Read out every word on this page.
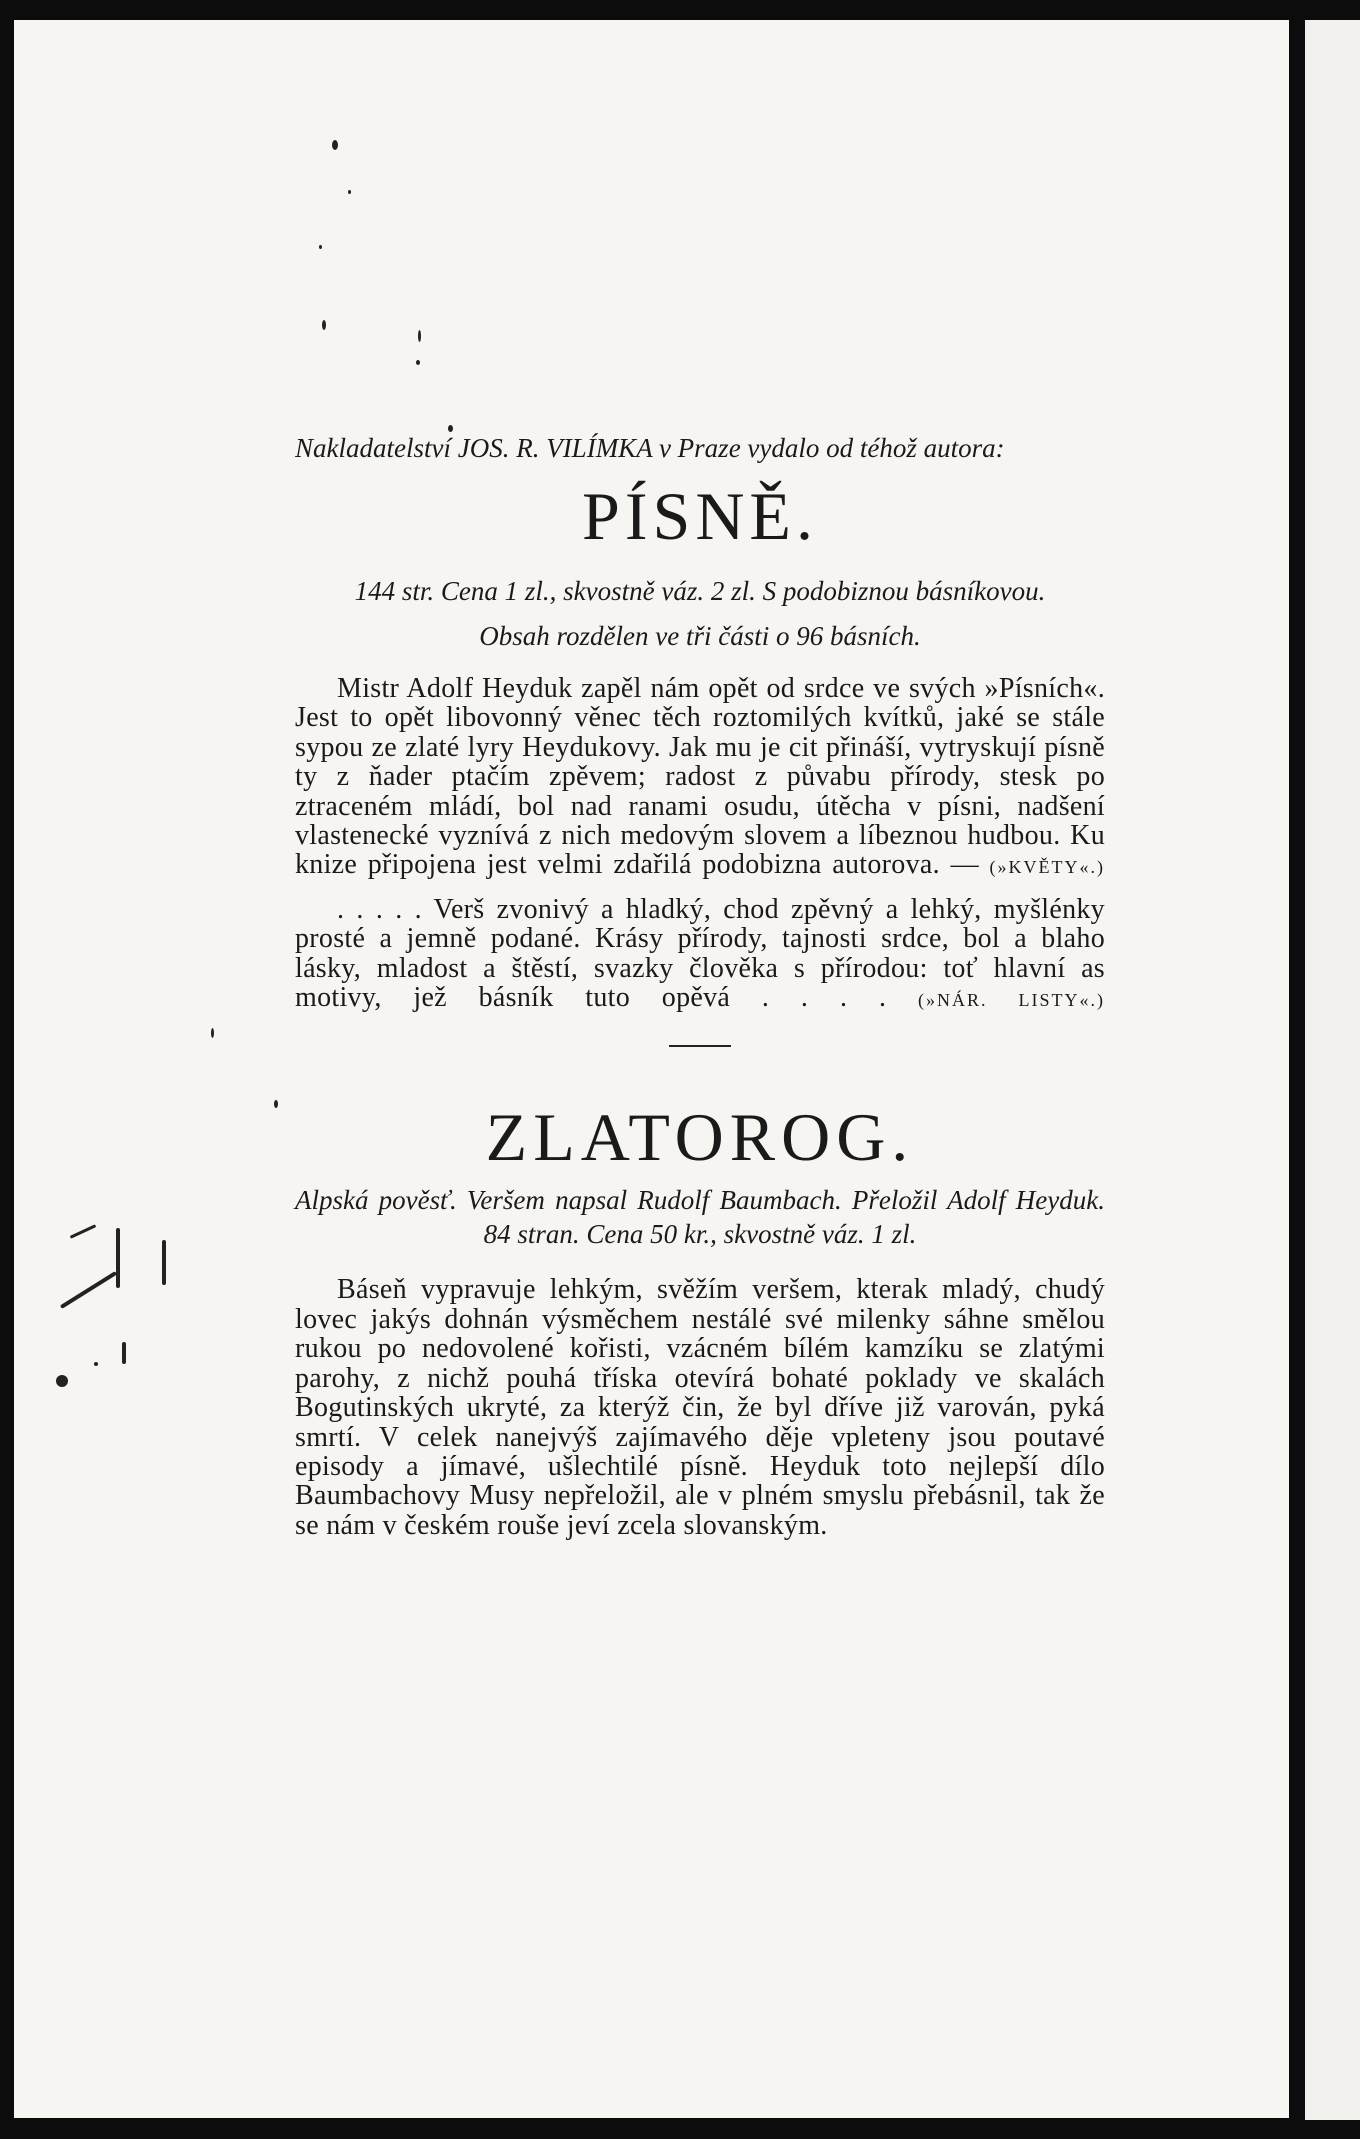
Nakladatelství JOS. R. VILÍMKA v Praze vydalo od téhož autora:

PÍSNĚ.

144 str. Cena 1 zl., skvostně váz. 2 zl. S podobiznou básníkovou.

Obsah rozdělen ve tři části o 96 básních.

Mistr Adolf Heyduk zapěl nám opět od srdce ve svých »Písních«. Jest to opět libovonný věnec těch roztomilých kvítků, jaké se stále sypou ze zlaté lyry Heydukovy. Jak mu je cit přináší, vytryskují písně ty z ňader ptačím zpěvem; radost z půvabu přírody, stesk po ztraceném mládí, bol nad ranami osudu, útěcha v písni, nadšení vlastenecké vyznívá z nich medovým slovem a líbeznou hudbou. Ku knize připojena jest velmi zdařilá podobizna autorova. — (»KVĚTY«.)

. . . . . Verš zvonivý a hladký, chod zpěvný a lehký, myšlénky prosté a jemně podané. Krásy přírody, tajnosti srdce, bol a blaho lásky, mladost a štěstí, svazky člověka s přírodou: toť hlavní as motivy, jež básník tuto opěvá . . . . (»NÁR. LISTY«.)

ZLATOROG.

Alpská pověsť. Veršem napsal Rudolf Baumbach. Přeložil Adolf Heyduk. 84 stran. Cena 50 kr., skvostně váz. 1 zl.

Báseň vypravuje lehkým, svěžím veršem, kterak mladý, chudý lovec jakýs dohnán výsměchem nestálé své milenky sáhne smělou rukou po nedovolené kořisti, vzácném bílém kamzíku se zlatými parohy, z nichž pouhá tříska otevírá bohaté poklady ve skalách Bogutinských ukryté, za kterýž čin, že byl dříve již varován, pyká smrtí. V celek nanejvýš zajímavého děje vpleteny jsou poutavé episody a jímavé, ušlechtilé písně. Heyduk toto nejlepší dílo Baumbachovy Musy nepřeložil, ale v plném smyslu přebásnil, tak že se nám v českém rouše jeví zcela slovanským.
